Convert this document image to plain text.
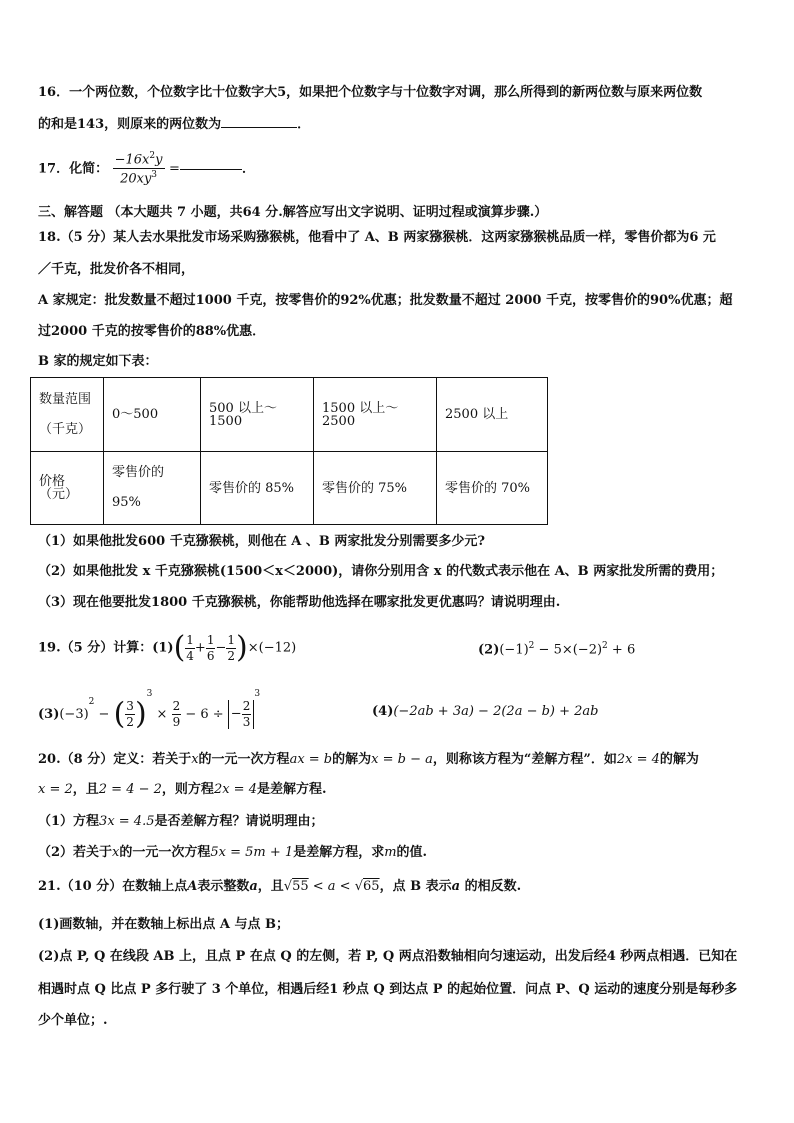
16．一个两位数，个位数字比十位数字大5，如果把个位数字与十位数字对调，那么所得到的新两位数与原来两位数
的和是143，则原来的两位数为	．
17．化简： $\frac{-16x^2y}{20xy^3}$ =	．
三、解答题 （本大题共 7 小题，共64 分.解答应写出文字说明、证明过程或演算步骤.）
18.（5 分）某人去水果批发市场采购猕猴桃，他看中了 A、B 两家猕猴桃．这两家猕猴桃品质一样，零售价都为6 元
／千克，批发价各不相同，
A 家规定：批发数量不超过1000 千克，按零售价的92%优惠；批发数量不超过 2000 千克，按零售价的90%优惠；超
过2000 千克的按零售价的88%优惠．
B 家的规定如下表：
数量范围
（千克）	0～500	500 以上～1500	1500 以上～2500	2500 以上
价格（元）	零售价的
95%	零售价的 85%	零售价的 75%	零售价的 70%
（1）如果他批发600 千克猕猴桃，则他在 A 、B 两家批发分别需要多少元?
（2）如果他批发 x 千克猕猴桃(1500＜x＜2000)，请你分别用含 x 的代数式表示他在 A、B 两家批发所需的费用；
（3）现在他要批发1800 千克猕猴桃，你能帮助他选择在哪家批发更优惠吗？请说明理由.
19.（5 分）计算：$(1)( \frac{1}{4} + \frac{1}{6} - \frac{1}{2} )\times(-12)$	$(2)(-1)^2 - 5\times(-2)^2 + 6$
$(3)(-3)^2$ − ( $\frac{3}{2} )^3 \times \frac{2}{9} - 6$ ÷ − $\frac{2}{3}$
$^3$
(4)(−2ab + 3a) − 2(2a − b) + 2ab
20.（8 分）定义：若关于x的一元一次方程ax = b的解为x = b − a，则称该方程为“差解方程”．如2x = 4的解为
x = 2，且2 = 4 − 2，则方程2x = 4是差解方程.
（1）方程3x = 4.5是否差解方程？请说明理由；
（2）若关于x的一元一次方程5x = 5m + 1是差解方程，求m的值.
21.（10 分）在数轴上点A表示整数a，且√55 < a < √65，点 B 表示a 的相反数.
(1)画数轴，并在数轴上标出点 A 与点 B；
(2)点 P, Q 在线段 AB 上，且点 P 在点 Q 的左侧，若 P, Q 两点沿数轴相向匀速运动，出发后经4 秒两点相遇．已知在
相遇时点 Q 比点 P 多行驶了 3 个单位，相遇后经1 秒点 Q 到达点 P 的起始位置．问点 P、Q 运动的速度分别是每秒多
少个单位；.
